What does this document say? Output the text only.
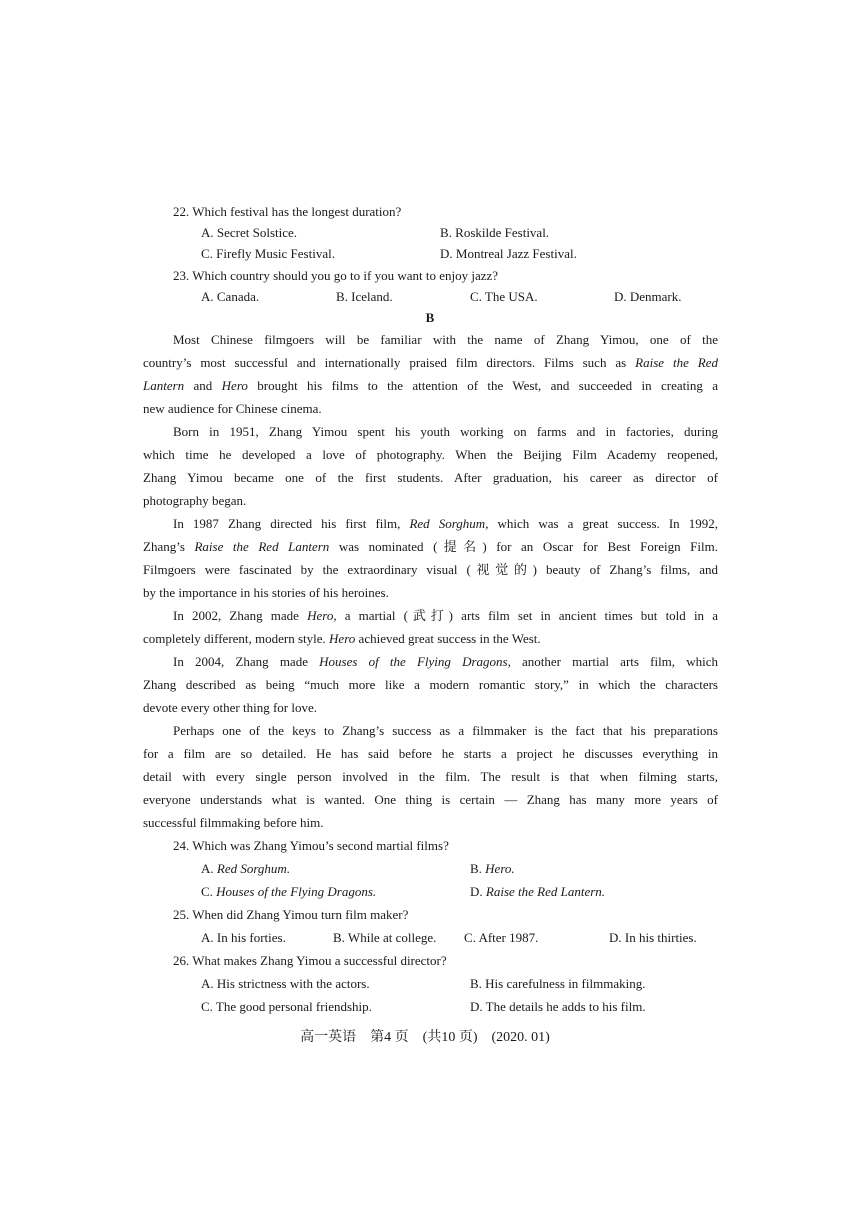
22. Which festival has the longest duration?
A. Secret Solstice.	B. Roskilde Festival.
C. Firefly Music Festival.	D. Montreal Jazz Festival.
23. Which country should you go to if you want to enjoy jazz?
A. Canada.	B. Iceland.	C. The USA.	D. Denmark.
B
Most Chinese filmgoers will be familiar with the name of Zhang Yimou, one of the
country’s most successful and internationally praised film directors. Films such as Raise the Red
Lantern and Hero brought his films to the attention of the West, and succeeded in creating a
new audience for Chinese cinema.
Born in 1951, Zhang Yimou spent his youth working on farms and in factories, during
which time he developed a love of photography. When the Beijing Film Academy reopened,
Zhang Yimou became one of the first students. After graduation, his career as director of
photography began.
In 1987 Zhang directed his first film, Red Sorghum, which was a great success. In 1992,
Zhang’s Raise the Red Lantern was nominated (提名) for an Oscar for Best Foreign Film.
Filmgoers were fascinated by the extraordinary visual (视觉的) beauty of Zhang’s films, and
by the importance in his stories of his heroines.
In 2002, Zhang made Hero, a martial (武打) arts film set in ancient times but told in a
completely different, modern style. Hero achieved great success in the West.
In 2004, Zhang made Houses of the Flying Dragons, another martial arts film, which
Zhang described as being “much more like a modern romantic story,” in which the characters
devote every other thing for love.
Perhaps one of the keys to Zhang’s success as a filmmaker is the fact that his preparations
for a film are so detailed. He has said before he starts a project he discusses everything in
detail with every single person involved in the film. The result is that when filming starts,
everyone understands what is wanted. One thing is certain — Zhang has many more years of
successful filmmaking before him.
24. Which was Zhang Yimou’s second martial films?
A. Red Sorghum.	B. Hero.
C. Houses of the Flying Dragons.	D. Raise the Red Lantern.
25. When did Zhang Yimou turn film maker?
A. In his forties.	B. While at college. C. After 1987.	D. In his thirties.
26. What makes Zhang Yimou a successful director?
A. His strictness with the actors.	B. His carefulness in filmmaking.
C. The good personal friendship.	D. The details he adds to his film.
高一英语　第4 页　(共10 页)　(2020. 01)
